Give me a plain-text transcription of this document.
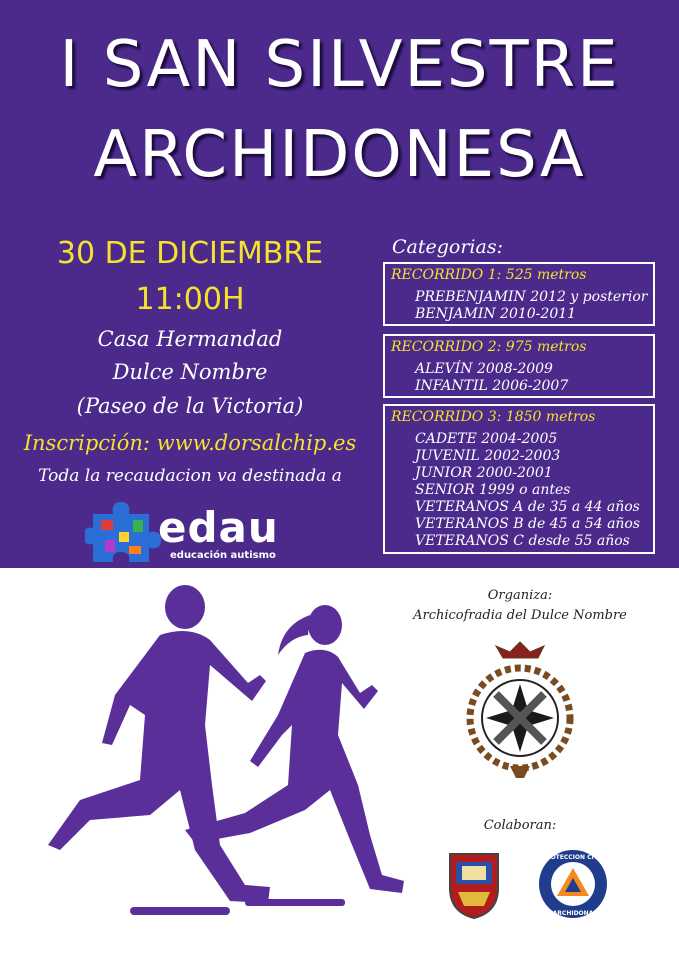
I SAN SILVESTRE
ARCHIDONESA
30 DE DICIEMBRE
11:00H
Casa Hermandad
Dulce Nombre
(Paseo de la Victoria)
Inscripción: www.dorsalchip.es
Toda la recaudacion va destinada a
edau
educación autismo
Categorias:
RECORRIDO 1: 525 metros
PREBENJAMIN 2012 y posterior
BENJAMIN 2010-2011
RECORRIDO 2: 975 metros
ALEVÍN 2008-2009
INFANTIL 2006-2007
RECORRIDO 3: 1850 metros
CADETE 2004-2005
JUVENIL 2002-2003
JUNIOR 2000-2001
SENIOR 1999 o antes
VETERANOS A de 35 a 44 años
VETERANOS B de 45 a 54 años
VETERANOS C desde 55 años
Organiza:
Archicofradia del Dulce Nombre
Colaboran:
PROTECCION CIVIL
ARCHIDONA
